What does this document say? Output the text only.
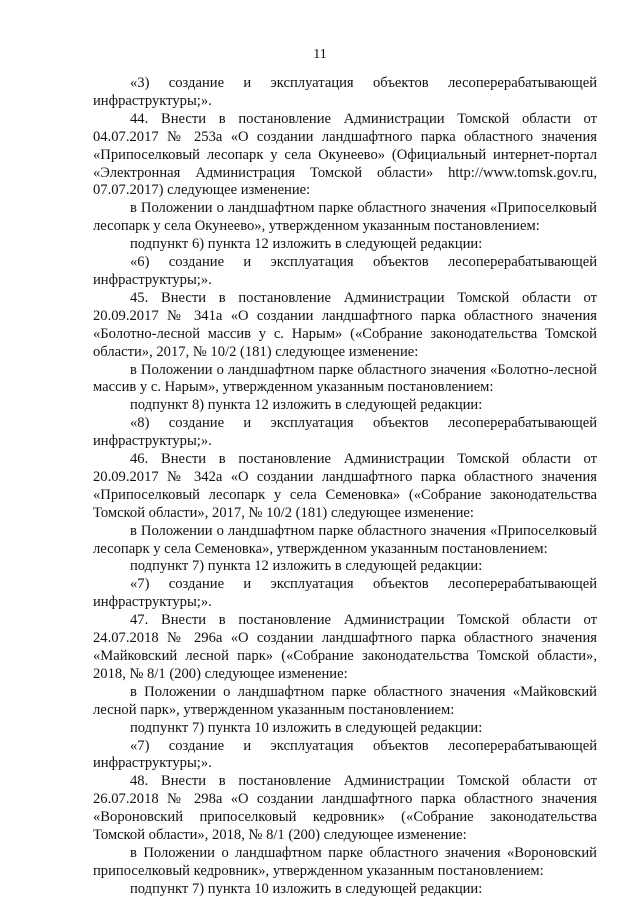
11

«3) создание и эксплуатация объектов лесоперерабатывающей инфраструктуры;».

44. Внести в постановление Администрации Томской области от 04.07.2017 № 253а «О создании ландшафтного парка областного значения «Припоселковый лесопарк у села Окунеево» (Официальный интернет-портал «Электронная Администрация Томской области» http://www.tomsk.gov.ru, 07.07.2017) следующее изменение:

в Положении о ландшафтном парке областного значения «Припоселковый лесопарк у села Окунеево», утвержденном указанным постановлением:

подпункт 6) пункта 12 изложить в следующей редакции:

«6) создание и эксплуатация объектов лесоперерабатывающей инфраструктуры;».

45. Внести в постановление Администрации Томской области от 20.09.2017 № 341а «О создании ландшафтного парка областного значения «Болотно-лесной массив у с. Нарым» («Собрание законодательства Томской области», 2017, № 10/2 (181) следующее изменение:

в Положении о ландшафтном парке областного значения «Болотно-лесной массив у с. Нарым», утвержденном указанным постановлением:

подпункт 8) пункта 12 изложить в следующей редакции:

«8) создание и эксплуатация объектов лесоперерабатывающей инфраструктуры;».

46. Внести в постановление Администрации Томской области от 20.09.2017 № 342а «О создании ландшафтного парка областного значения «Припоселковый лесопарк у села Семеновка» («Собрание законодательства Томской области», 2017, № 10/2 (181) следующее изменение:

в Положении о ландшафтном парке областного значения «Припоселковый лесопарк у села Семеновка», утвержденном указанным постановлением:

подпункт 7) пункта 12 изложить в следующей редакции:

«7) создание и эксплуатация объектов лесоперерабатывающей инфраструктуры;».

47. Внести в постановление Администрации Томской области от 24.07.2018 № 296а «О создании ландшафтного парка областного значения «Майковский лесной парк» («Собрание законодательства Томской области», 2018, № 8/1 (200) следующее изменение:

в Положении о ландшафтном парке областного значения «Майковский лесной парк», утвержденном указанным постановлением:

подпункт 7) пункта 10 изложить в следующей редакции:

«7) создание и эксплуатация объектов лесоперерабатывающей инфраструктуры;».

48. Внести в постановление Администрации Томской области от 26.07.2018 № 298а «О создании ландшафтного парка областного значения «Вороновский припоселковый кедровник» («Собрание законодательства Томской области», 2018, № 8/1 (200) следующее изменение:

в Положении о ландшафтном парке областного значения «Вороновский припоселковый кедровник», утвержденном указанным постановлением:

подпункт 7) пункта 10 изложить в следующей редакции:
